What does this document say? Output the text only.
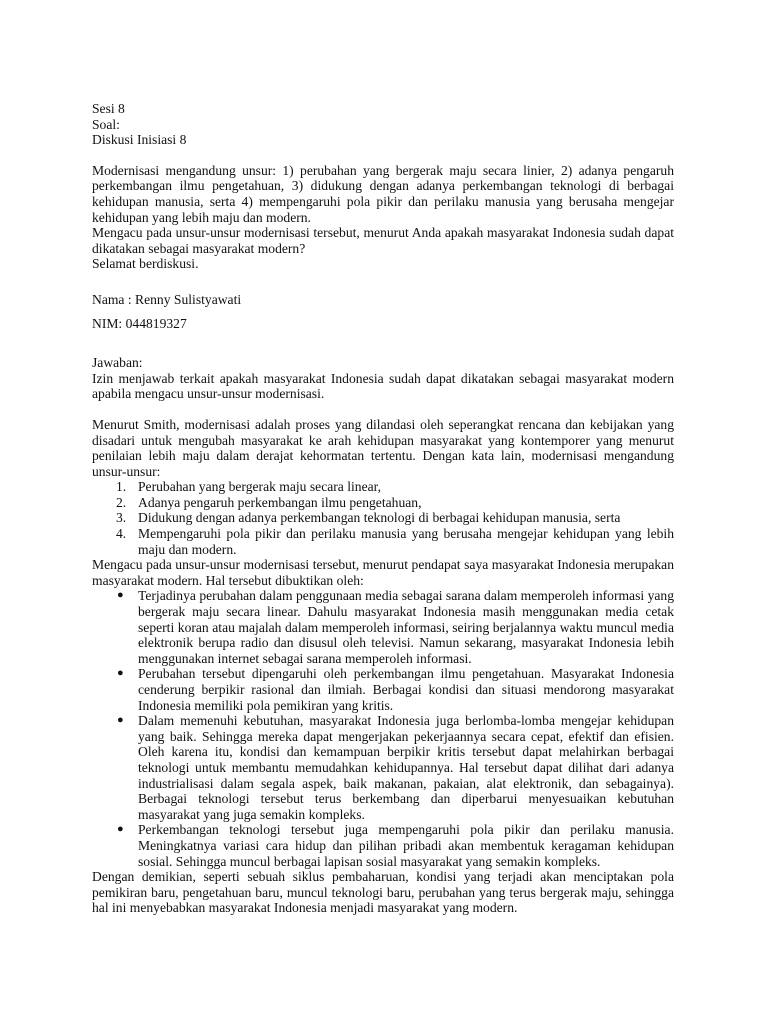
Sesi 8

Soal:

Diskusi Inisiasi 8

Modernisasi mengandung unsur: 1) perubahan yang bergerak maju secara linier, 2) adanya pengaruh perkembangan ilmu pengetahuan, 3) didukung dengan adanya perkembangan teknologi di berbagai kehidupan manusia, serta 4) mempengaruhi pola pikir dan perilaku manusia yang berusaha mengejar kehidupan yang lebih maju dan modern.

Mengacu pada unsur-unsur modernisasi tersebut, menurut Anda apakah masyarakat Indonesia sudah dapat dikatakan sebagai masyarakat modern?

Selamat berdiskusi.

Nama : Renny Sulistyawati

NIM: 044819327

Jawaban:

Izin menjawab terkait apakah masyarakat Indonesia sudah dapat dikatakan sebagai masyarakat modern apabila mengacu unsur-unsur modernisasi.

Menurut Smith, modernisasi adalah proses yang dilandasi oleh seperangkat rencana dan kebijakan yang disadari untuk mengubah masyarakat ke arah kehidupan masyarakat yang kontemporer yang menurut penilaian lebih maju dalam derajat kehormatan tertentu. Dengan kata lain, modernisasi mengandung unsur-unsur:

1. Perubahan yang bergerak maju secara linear,
2. Adanya pengaruh perkembangan ilmu pengetahuan,
3. Didukung dengan adanya perkembangan teknologi di berbagai kehidupan manusia, serta
4. Mempengaruhi pola pikir dan perilaku manusia yang berusaha mengejar kehidupan yang lebih maju dan modern.

Mengacu pada unsur-unsur modernisasi tersebut, menurut pendapat saya masyarakat Indonesia merupakan masyarakat modern. Hal tersebut dibuktikan oleh:

● Terjadinya perubahan dalam penggunaan media sebagai sarana dalam memperoleh informasi yang bergerak maju secara linear. Dahulu masyarakat Indonesia masih menggunakan media cetak seperti koran atau majalah dalam memperoleh informasi, seiring berjalannya waktu muncul media elektronik berupa radio dan disusul oleh televisi. Namun sekarang, masyarakat Indonesia lebih menggunakan internet sebagai sarana memperoleh informasi.
● Perubahan tersebut dipengaruhi oleh perkembangan ilmu pengetahuan. Masyarakat Indonesia cenderung berpikir rasional dan ilmiah. Berbagai kondisi dan situasi mendorong masyarakat Indonesia memiliki pola pemikiran yang kritis.
● Dalam memenuhi kebutuhan, masyarakat Indonesia juga berlomba-lomba mengejar kehidupan yang baik. Sehingga mereka dapat mengerjakan pekerjaannya secara cepat, efektif dan efisien. Oleh karena itu, kondisi dan kemampuan berpikir kritis tersebut dapat melahirkan berbagai teknologi untuk membantu memudahkan kehidupannya. Hal tersebut dapat dilihat dari adanya industrialisasi dalam segala aspek, baik makanan, pakaian, alat elektronik, dan sebagainya). Berbagai teknologi tersebut terus berkembang dan diperbarui menyesuaikan kebutuhan masyarakat yang juga semakin kompleks.
● Perkembangan teknologi tersebut juga mempengaruhi pola pikir dan perilaku manusia. Meningkatnya variasi cara hidup dan pilihan pribadi akan membentuk keragaman kehidupan sosial. Sehingga muncul berbagai lapisan sosial masyarakat yang semakin kompleks.

Dengan demikian, seperti sebuah siklus pembaharuan, kondisi yang terjadi akan menciptakan pola pemikiran baru, pengetahuan baru, muncul teknologi baru, perubahan yang terus bergerak maju, sehingga hal ini menyebabkan masyarakat Indonesia menjadi masyarakat yang modern.
